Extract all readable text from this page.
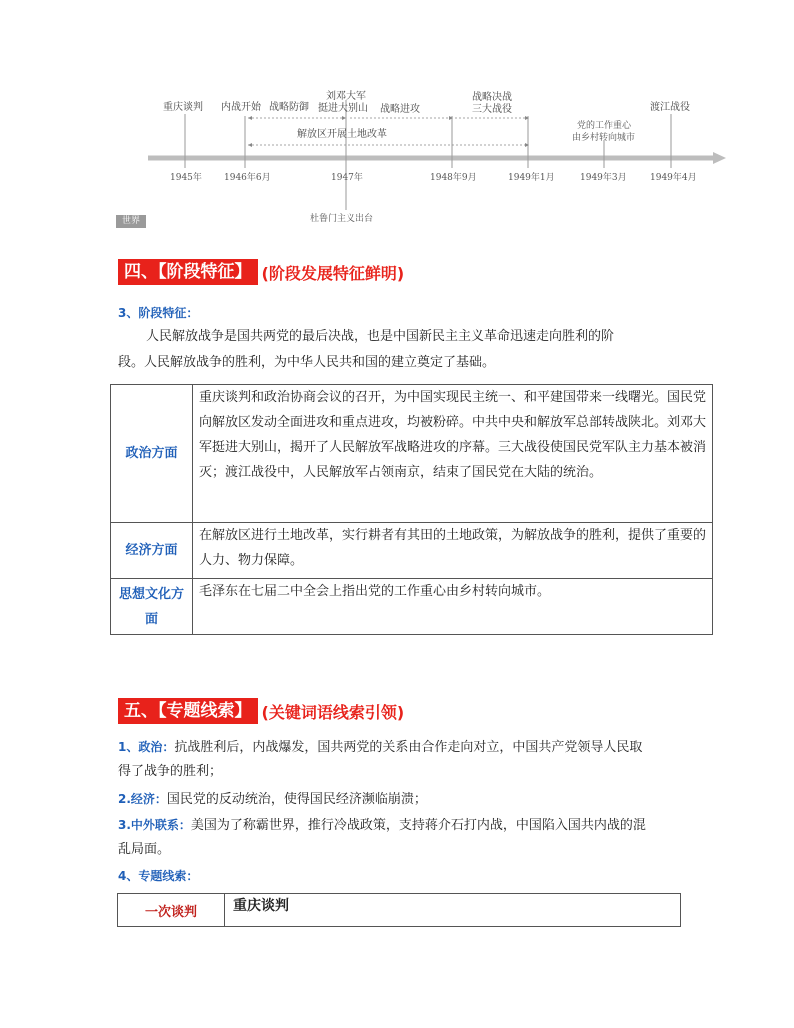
重庆谈判 内战开始 战略防御
刘邓大军
挺进大别山 战略进攻
战略决战
三大战役
解放区开展土地改革
党的工作重心
由乡村转向城市
渡江战役
杜鲁门主义出台
1945年 1946年6月	1947年	1948年9月	1949年1月	1949年3月	1949年4月
世界
四、【阶段特征】 (阶段发展特征鲜明)
3、阶段特征：
人民解放战争是国共两党的最后决战，也是中国新民主主义革命迅速走向胜利的阶
段。人民解放战争的胜利，为中华人民共和国的建立奠定了基础。
政治方面	重庆谈判和政治协商会议的召开，为中国实现民主统一、和平建国带来一线曙光。国民党向解放区发动全面进攻和重点进攻，均被粉碎。中共中央和解放军总部转战陕北。刘邓大军挺进大别山，揭开了人民解放军战略进攻的序幕。三大战役使国民党军队主力基本被消灭；渡江战役中，人民解放军占领南京，结束了国民党在大陆的统治。
经济方面	在解放区进行土地改革，实行耕者有其田的土地政策，为解放战争的胜利，提供了重要的人力、物力保障。
思想文化方面	毛泽东在七届二中全会上指出党的工作重心由乡村转向城市。
五、【专题线索】 (关键词语线索引领)
1、政治：抗战胜利后，内战爆发，国共两党的关系由合作走向对立，中国共产党领导人民取
得了战争的胜利；
2.经济：国民党的反动统治，使得国民经济濒临崩溃；
3.中外联系：美国为了称霸世界，推行冷战政策，支持蒋介石打内战，中国陷入国共内战的混
乱局面。
4、专题线索：
一次谈判	重庆谈判
